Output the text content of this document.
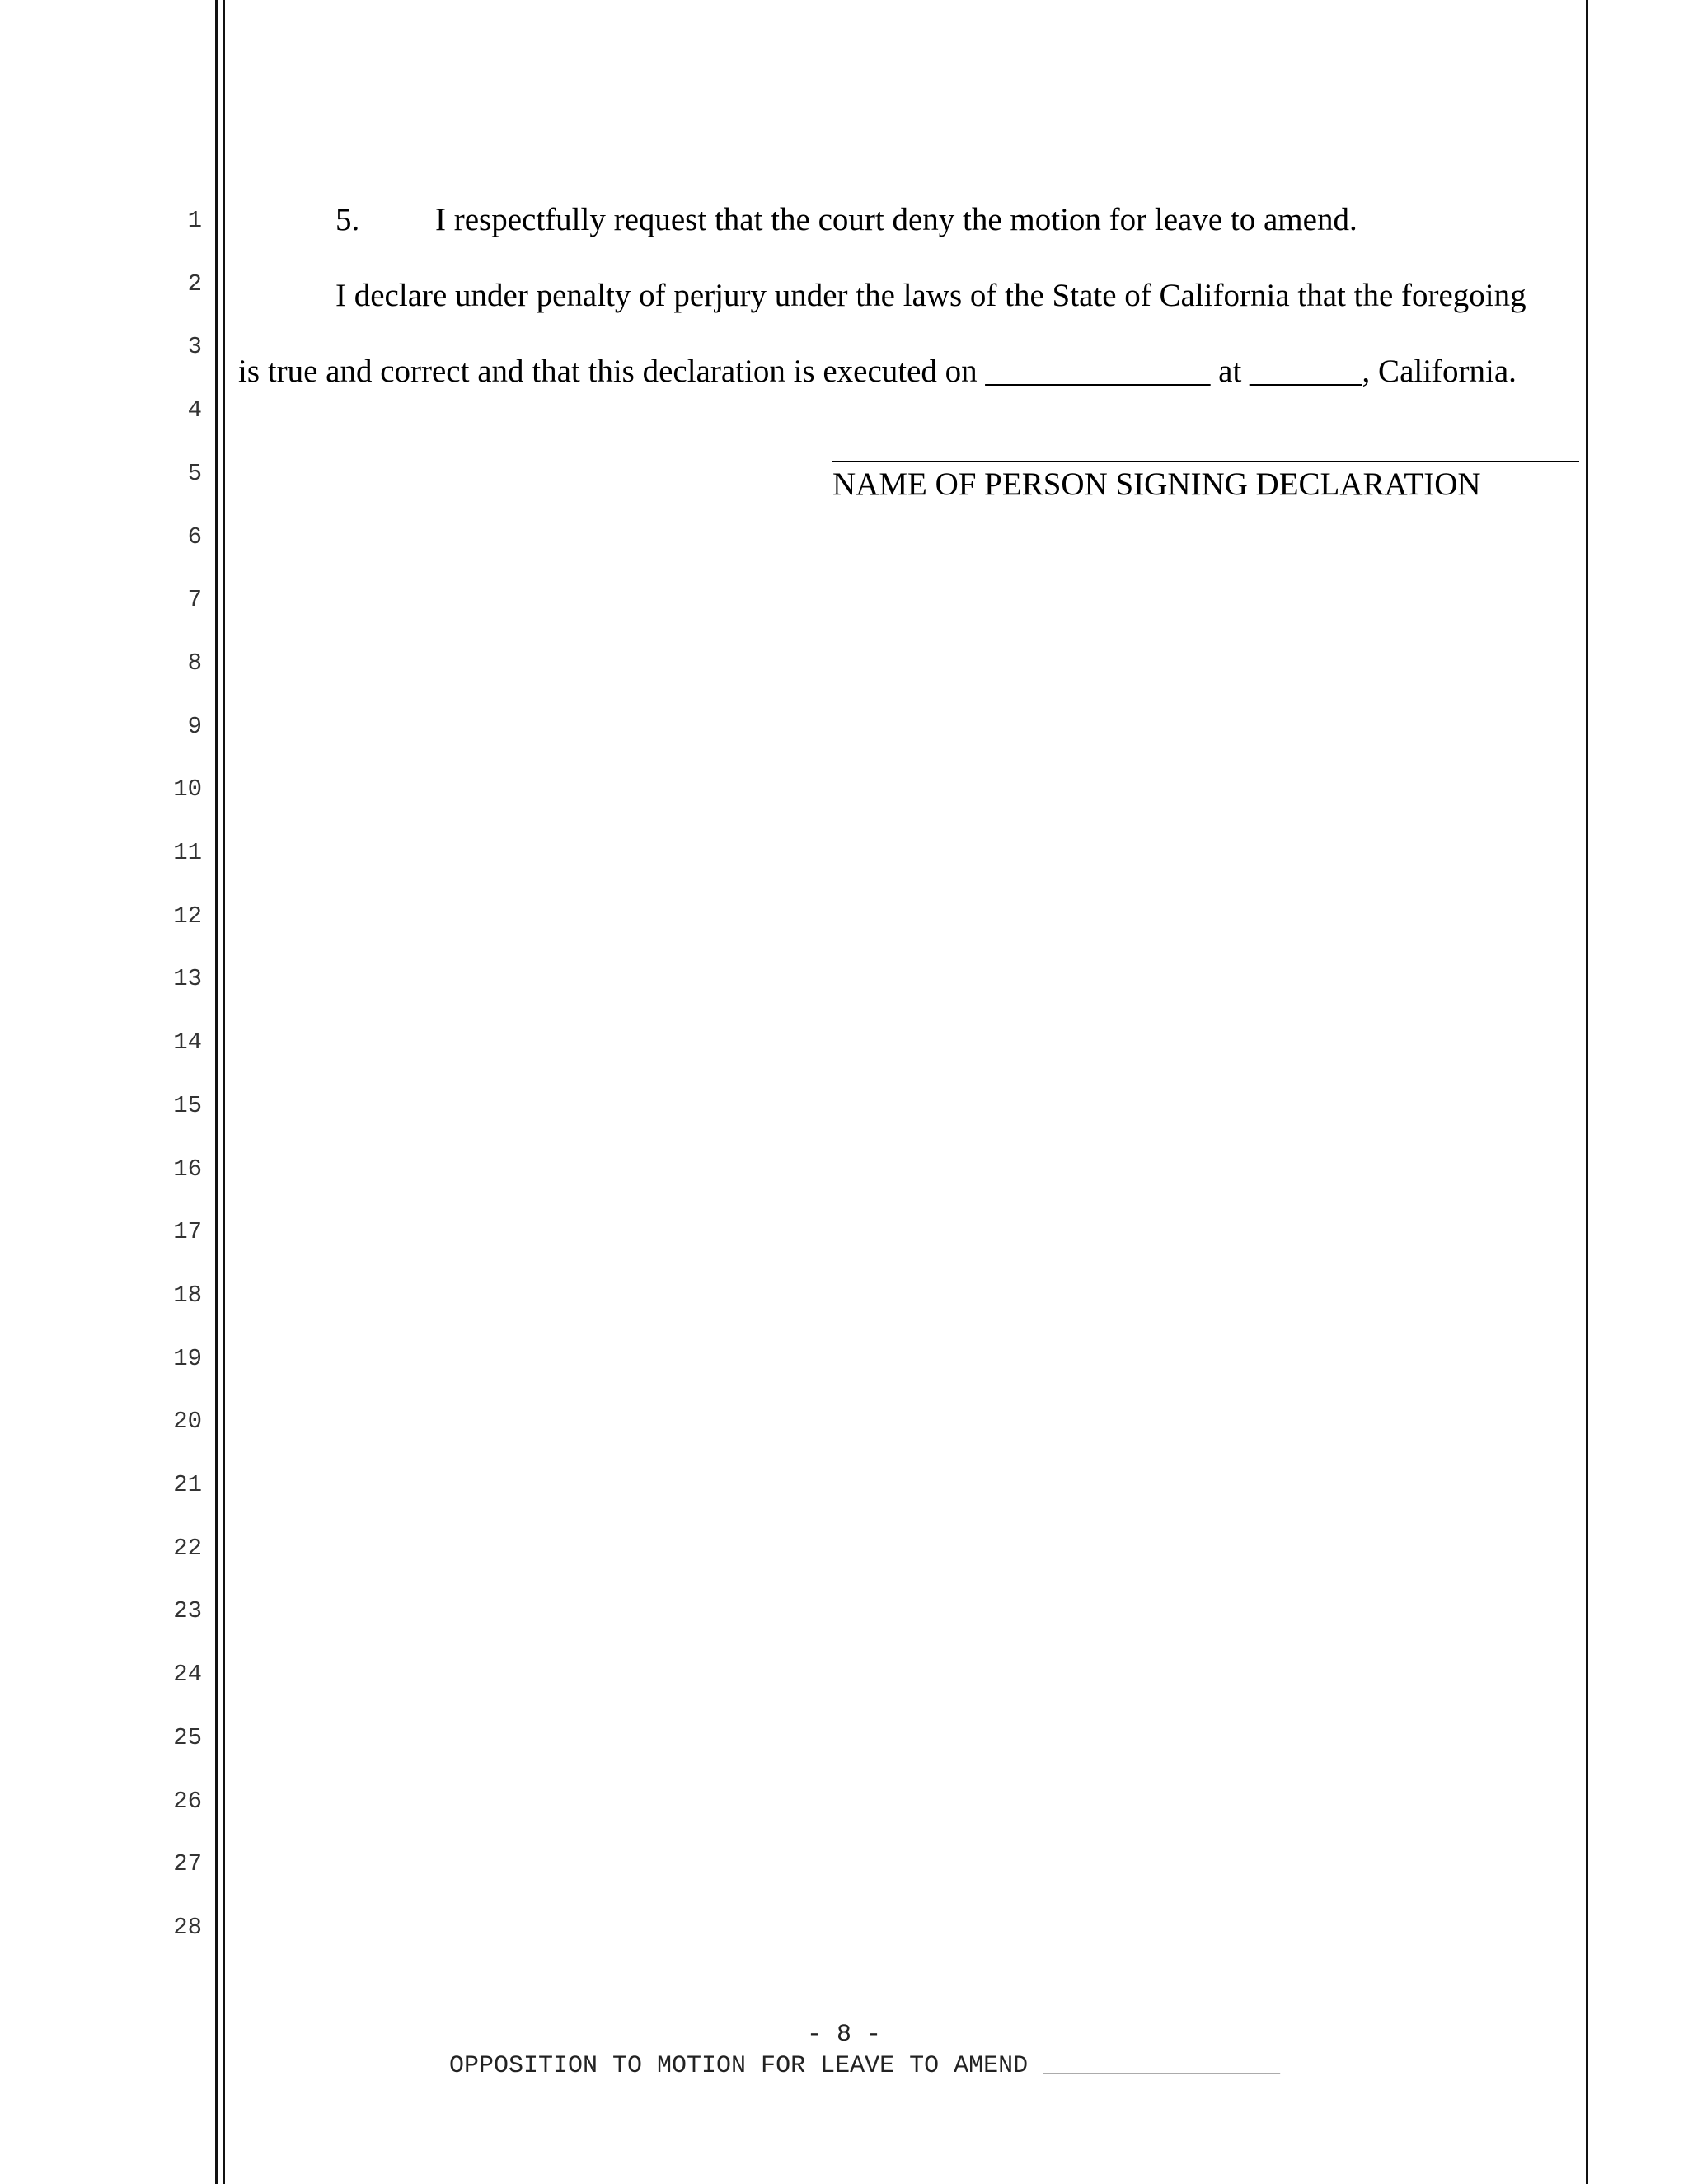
1
2
3
4
5
6
7
8
9
10
11
12
13
14
15
16
17
18
19
20
21
22
23
24
25
26
27
28
5. I respectfully request that the court deny the motion for leave to amend.
I declare under penalty of perjury under the laws of the State of California that the foregoing
is true and correct and that this declaration is executed on ______________ at _______, California.
NAME OF PERSON SIGNING DECLARATION
- 8 -
OPPOSITION TO MOTION FOR LEAVE TO AMEND ________________
